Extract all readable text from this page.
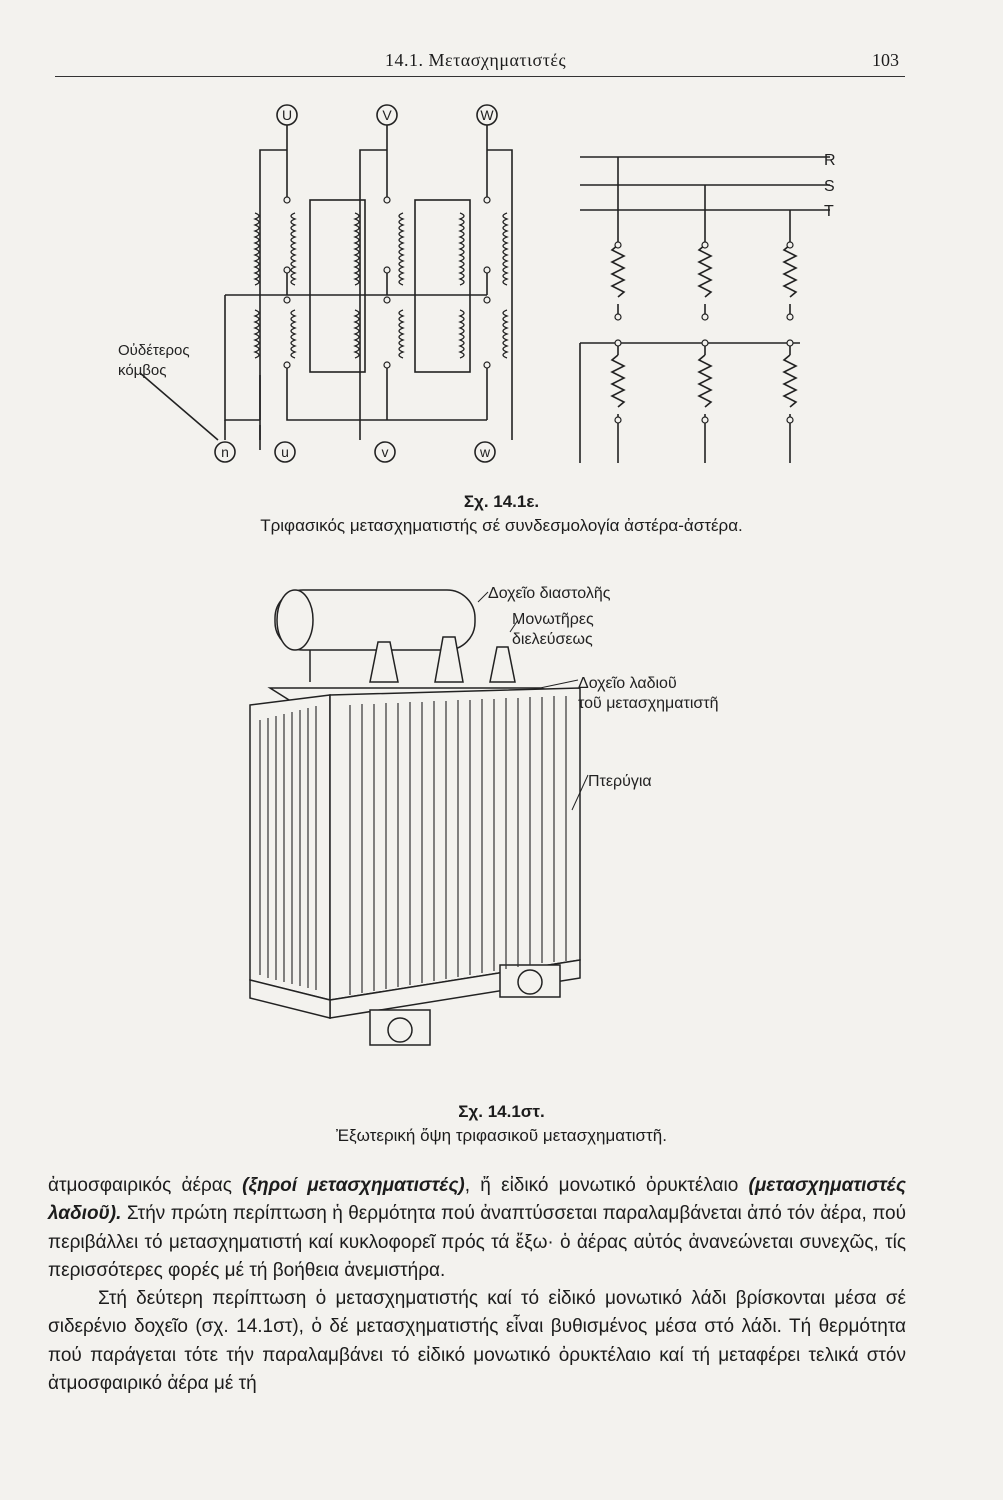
14.1. Μετασχηματιστές	103
U	V	W
n	u	v	w
R
S
T
Οὐδέτερος
κόμβος
Σχ. 14.1ε.
Τριφασικός μετασχηματιστής σέ συνδεσμολογία ἀστέρα-ἀστέρα.
Δοχεῖο διαστολῆς
Μονωτῆρες
διελεύσεως
Δοχεῖο λαδιοῦ
τοῦ μετασχηματιστῆ
Πτερύγια
Σχ. 14.1στ.
Ἐξωτερική ὄψη τριφασικοῦ μετασχηματιστῆ.

ἀτμοσφαιρικός ἀέρας (ξηροί μετασχηματιστές), ἤ εἰδικό μονωτικό ὀρυκτέλαιο (μετασχηματιστές λαδιοῦ). Στήν πρώτη περίπτωση ἡ θερμότητα πού ἀναπτύσσεται παραλαμβάνεται ἀπό τόν ἀέρα, πού περιβάλλει τό μετασχηματιστή καί κυκλοφορεῖ πρός τά ἔξω· ὁ ἀέρας αὐτός ἀνανεώνεται συνεχῶς, τίς περισσότερες φορές μέ τή βοήθεια ἀνεμιστήρα.

Στή δεύτερη περίπτωση ὁ μετασχηματιστής καί τό εἰδικό μονωτικό λάδι βρίσκονται μέσα σέ σιδερένιο δοχεῖο (σχ. 14.1στ), ὁ δέ μετασχηματιστής εἶναι βυθισμένος μέσα στό λάδι. Τή θερμότητα πού παράγεται τότε τήν παραλαμβάνει τό εἰδικό μονωτικό ὀρυκτέλαιο καί τή μεταφέρει τελικά στόν ἀτμοσφαιρικό ἀέρα μέ τή
